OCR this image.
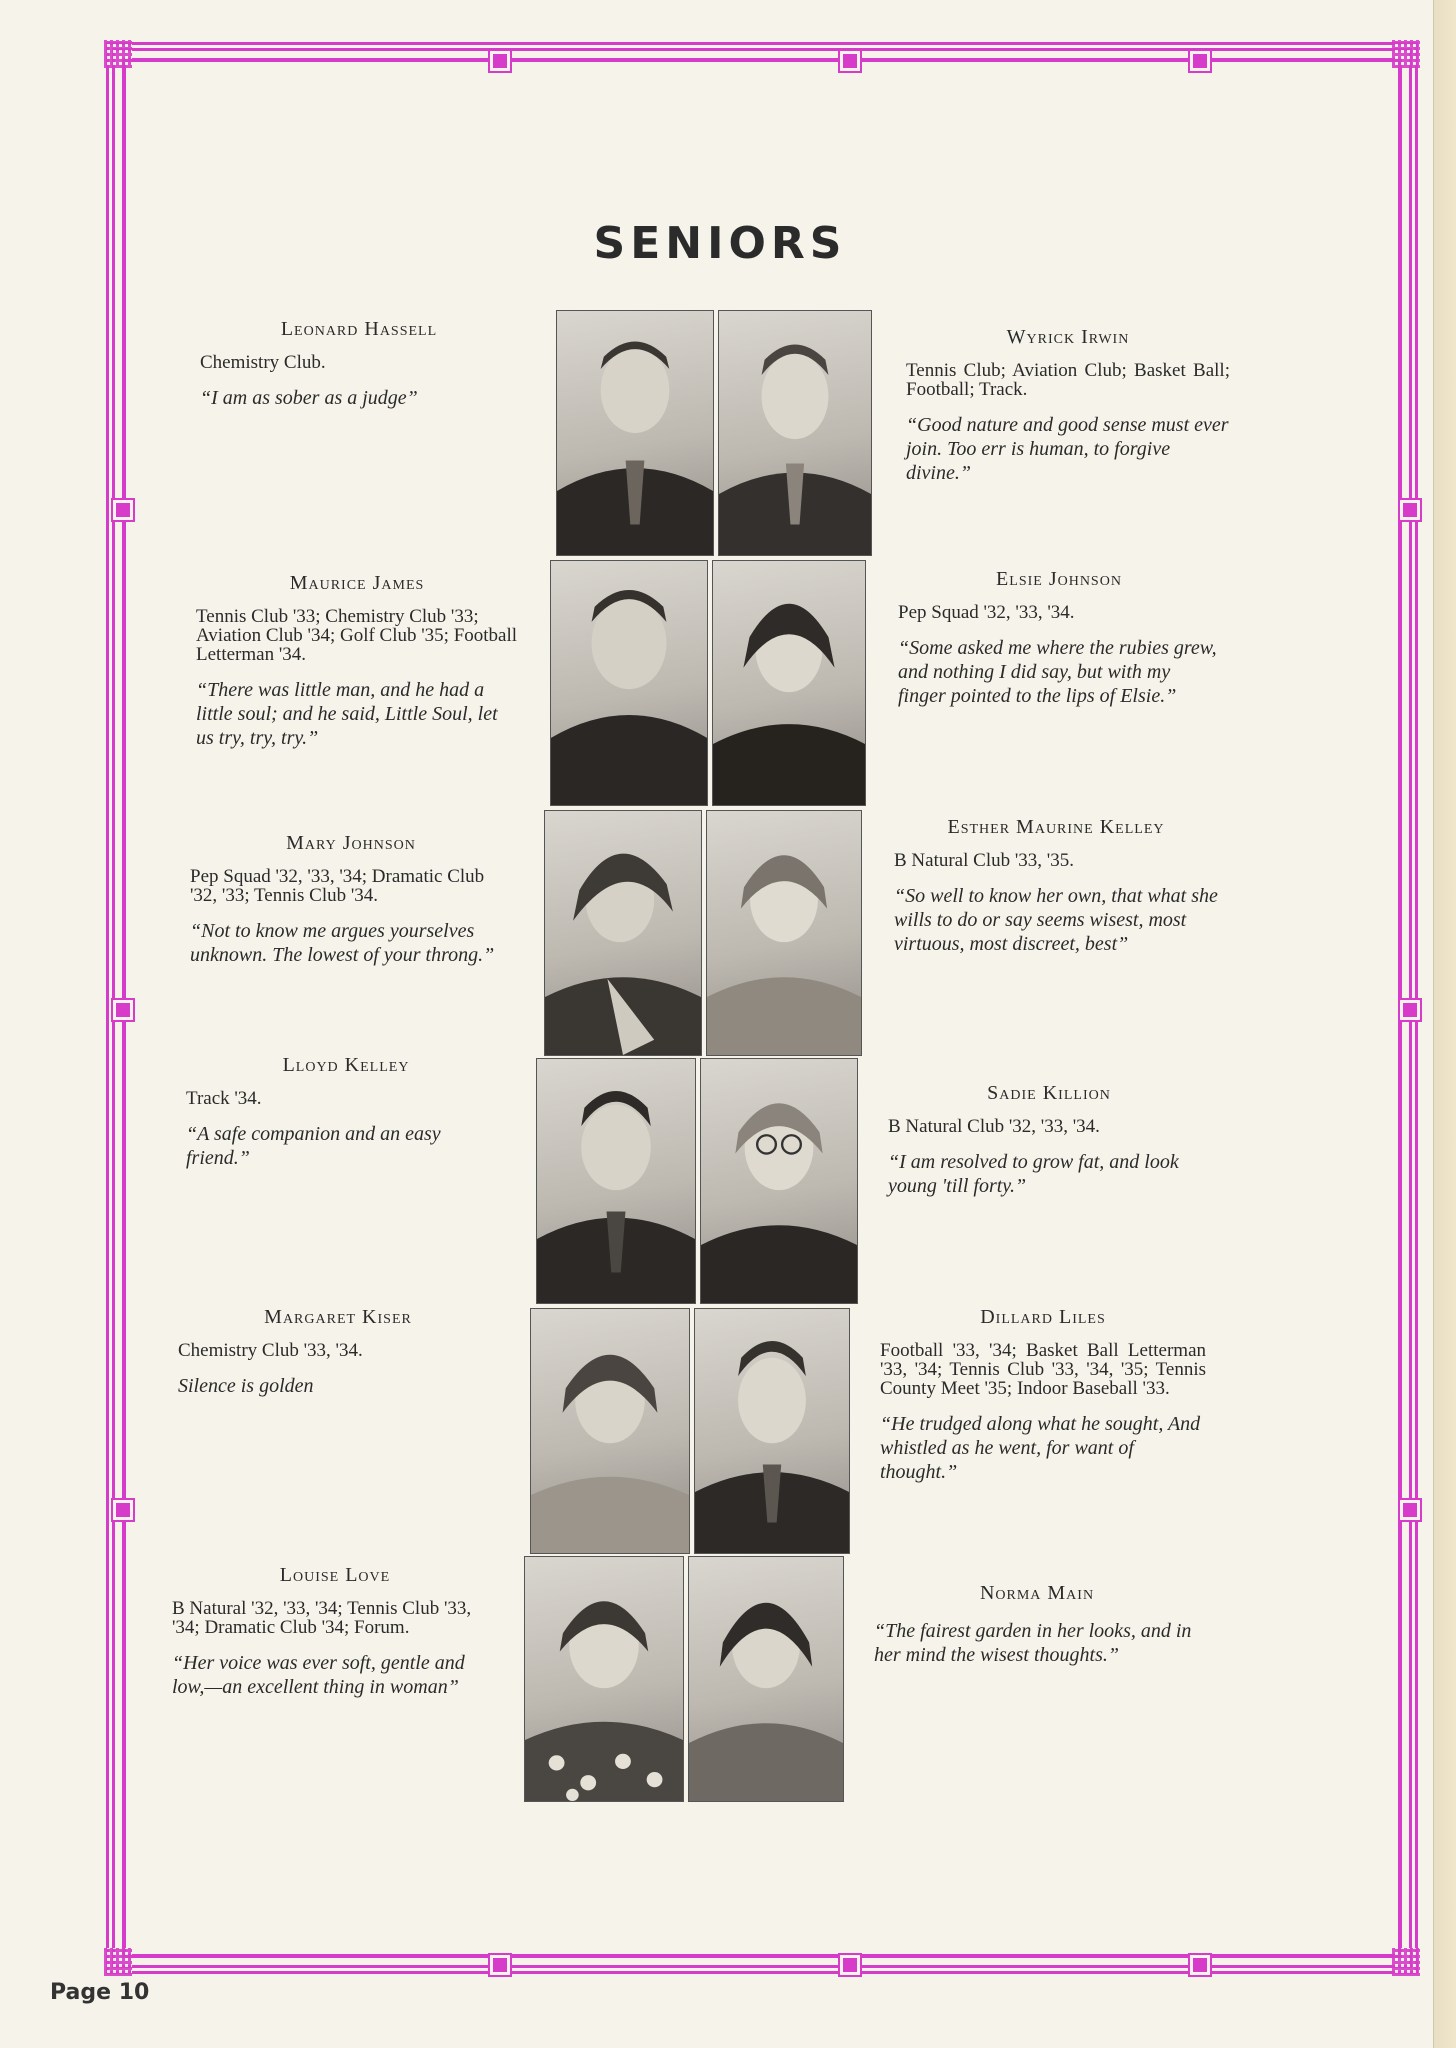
SENIORS
Leonard Hassell
Chemistry Club.
“I am as sober as a judge”
Maurice James
Tennis Club '33; Chemistry Club '33; Aviation Club '34; Golf Club '35; Football Letterman '34.
“There was little man, and he had a little soul; and he said, Little Soul, let us try, try, try.”
Mary Johnson
Pep Squad '32, '33, '34; Dramatic Club '32, '33; Tennis Club '34.
“Not to know me argues yourselves unknown. The lowest of your throng.”
Lloyd Kelley
Track '34.
“A safe companion and an easy friend.”
Margaret Kiser
Chemistry Club '33, '34.
Silence is golden
Louise Love
B Natural '32, '33, '34; Tennis Club '33, '34; Dramatic Club '34; Forum.
“Her voice was ever soft, gentle and low,—an excellent thing in woman”
Wyrick Irwin
Tennis Club; Aviation Club; Basket Ball; Football; Track.
“Good nature and good sense must ever join. Too err is human, to forgive divine.”
Elsie Johnson
Pep Squad '32, '33, '34.
“Some asked me where the rubies grew, and nothing I did say, but with my finger pointed to the lips of Elsie.”
Esther Maurine Kelley
B Natural Club '33, '35.
“So well to know her own, that what she wills to do or say seems wisest, most virtuous, most discreet, best”
Sadie Killion
B Natural Club '32, '33, '34.
“I am resolved to grow fat, and look young 'till forty.”
Dillard Liles
Football '33, '34; Basket Ball Letterman '33, '34; Tennis Club '33, '34, '35; Tennis County Meet '35; Indoor Baseball '33.
“He trudged along what he sought, And whistled as he went, for want of thought.”
Norma Main
“The fairest garden in her looks, and in her mind the wisest thoughts.”
Page 10
